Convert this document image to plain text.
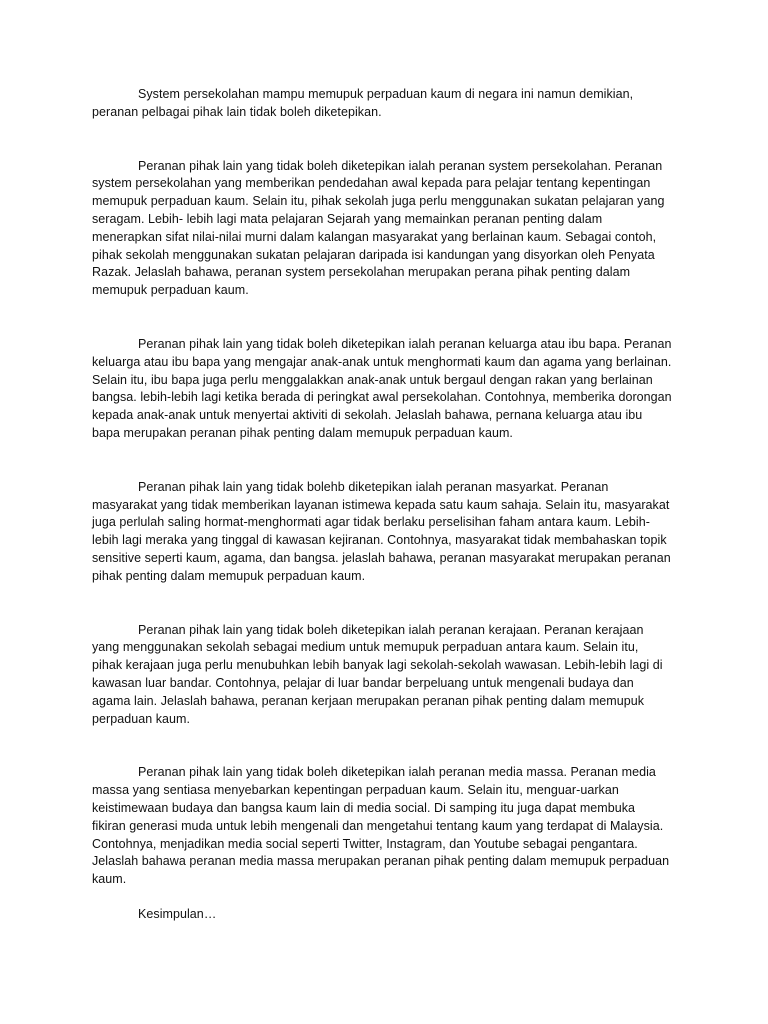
System persekolahan mampu memupuk perpaduan kaum di negara ini namun demikian, peranan pelbagai pihak lain tidak boleh diketepikan.

Peranan pihak lain yang tidak boleh diketepikan ialah peranan system persekolahan. Peranan system persekolahan yang memberikan pendedahan awal kepada para pelajar tentang kepentingan memupuk perpaduan kaum. Selain itu, pihak sekolah juga perlu menggunakan sukatan pelajaran yang seragam. Lebih- lebih lagi mata pelajaran Sejarah yang memainkan peranan penting dalam menerapkan sifat nilai-nilai murni dalam kalangan masyarakat yang berlainan kaum. Sebagai contoh, pihak sekolah menggunakan sukatan pelajaran daripada isi kandungan yang disyorkan oleh Penyata Razak. Jelaslah bahawa, peranan system persekolahan merupakan perana pihak penting dalam memupuk perpaduan kaum.

Peranan pihak lain yang tidak boleh diketepikan ialah peranan keluarga atau ibu bapa. Peranan keluarga atau ibu bapa yang mengajar anak-anak untuk menghormati kaum dan agama yang berlainan. Selain itu, ibu bapa juga perlu menggalakkan anak-anak untuk bergaul dengan rakan yang berlainan bangsa. lebih-lebih lagi ketika berada di peringkat awal persekolahan. Contohnya, memberika dorongan kepada anak-anak untuk menyertai aktiviti di sekolah. Jelaslah bahawa, pernana keluarga atau ibu bapa merupakan peranan pihak penting dalam memupuk perpaduan kaum.

Peranan pihak lain yang tidak bolehb diketepikan ialah peranan masyarkat. Peranan masyarakat yang tidak memberikan layanan istimewa kepada satu kaum sahaja. Selain itu, masyarakat juga perlulah saling hormat-menghormati agar tidak berlaku perselisihan faham antara kaum. Lebih-lebih lagi meraka yang tinggal di kawasan kejiranan. Contohnya, masyarakat tidak membahaskan topik sensitive seperti kaum, agama, dan bangsa. jelaslah bahawa, peranan masyarakat merupakan peranan pihak penting dalam memupuk perpaduan kaum.

Peranan pihak lain yang tidak boleh diketepikan ialah peranan kerajaan. Peranan kerajaan yang menggunakan sekolah sebagai medium untuk memupuk perpaduan antara kaum. Selain itu, pihak kerajaan juga perlu menubuhkan lebih banyak lagi sekolah-sekolah wawasan. Lebih-lebih lagi di kawasan luar bandar. Contohnya, pelajar di luar bandar berpeluang untuk mengenali budaya dan agama lain. Jelaslah bahawa, peranan kerjaan merupakan peranan pihak penting dalam memupuk perpaduan kaum.

Peranan pihak lain yang tidak boleh diketepikan ialah peranan media massa. Peranan media massa yang sentiasa menyebarkan kepentingan perpaduan kaum. Selain itu, menguar-uarkan keistimewaan budaya dan bangsa kaum lain di media social. Di samping itu juga dapat membuka fikiran generasi muda untuk lebih mengenali dan mengetahui tentang kaum yang terdapat di Malaysia. Contohnya, menjadikan media social seperti Twitter, Instagram, dan Youtube sebagai pengantara. Jelaslah bahawa peranan media massa merupakan peranan pihak penting dalam memupuk perpaduan kaum.

Kesimpulan…
